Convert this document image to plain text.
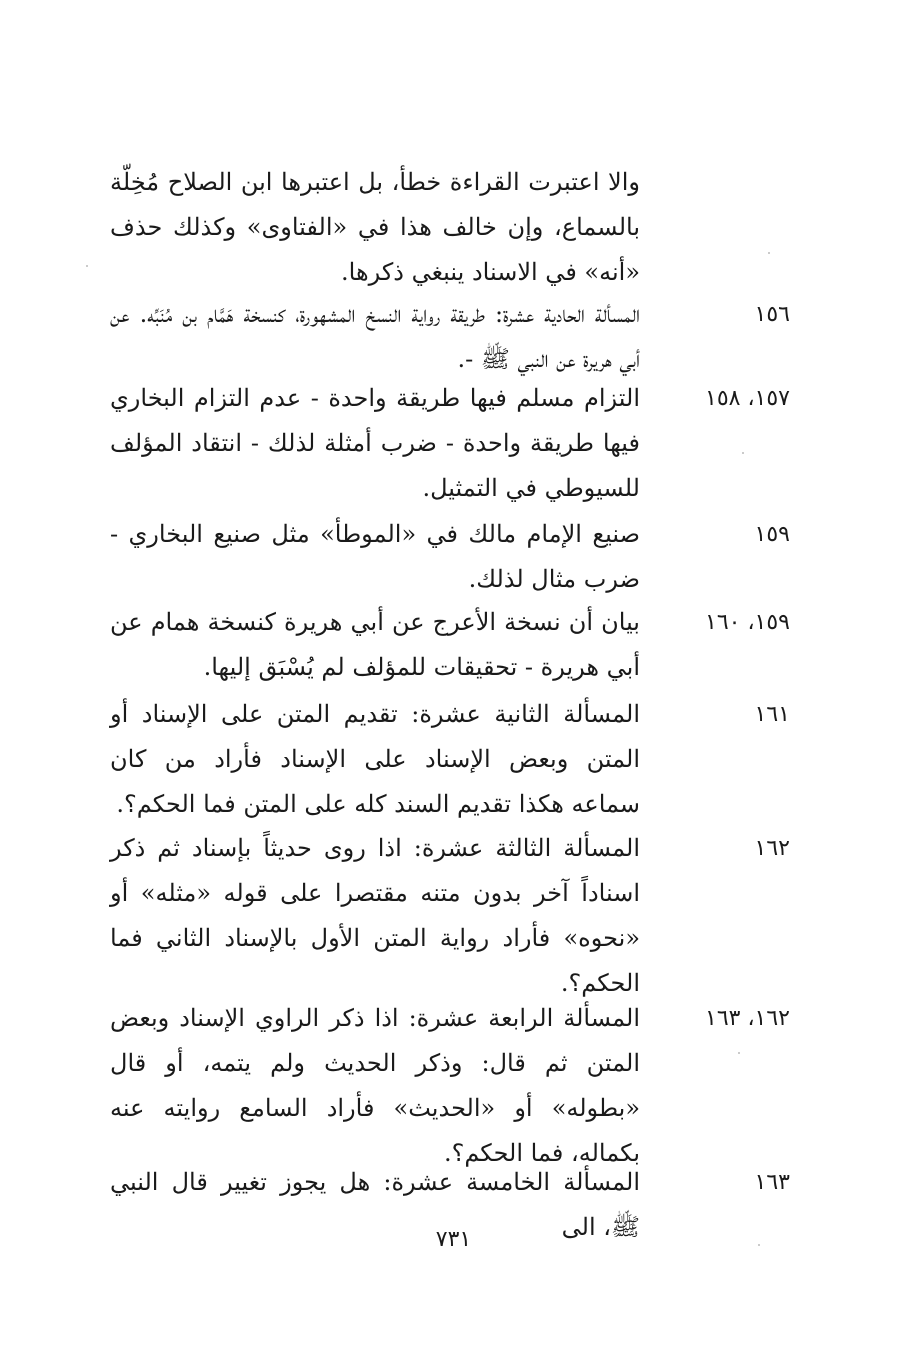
والا اعتبرت القراءة خطأ، بل اعتبرها ابن الصلاح مُخِلّة بالسماع، وإن خالف هذا في «الفتاوى» وكذلك حذف «أنه» في الاسناد ينبغي ذكرها.

١٥٦

المسألة الحادية عشرة: طريقة رواية النسخ المشهورة، كنسخة هَمَّام بن مُنَبِّه. عن أبي هريرة عن النبي ﷺ -.

١٥٧، ١٥٨

التزام مسلم فيها طريقة واحدة - عدم التزام البخاري فيها طريقة واحدة - ضرب أمثلة لذلك - انتقاد المؤلف للسيوطي في التمثيل.

١٥٩

صنيع الإمام مالك في «الموطأ» مثل صنيع البخاري - ضرب مثال لذلك.

١٥٩، ١٦٠

بيان أن نسخة الأعرج عن أبي هريرة كنسخة همام عن أبي هريرة - تحقيقات للمؤلف لم يُسْبَق إليها.

١٦١

المسألة الثانية عشرة: تقديم المتن على الإسناد أو المتن وبعض الإسناد على الإسناد فأراد من كان سماعه هكذا تقديم السند كله على المتن فما الحكم؟.

١٦٢

المسألة الثالثة عشرة: اذا روى حديثاً بإسناد ثم ذكر اسناداً آخر بدون متنه مقتصرا على قوله «مثله» أو «نحوه» فأراد رواية المتن الأول بالإسناد الثاني فما الحكم؟.

١٦٢، ١٦٣

المسألة الرابعة عشرة: اذا ذكر الراوي الإسناد وبعض المتن ثم قال: وذكر الحديث ولم يتمه، أو قال «بطوله» أو «الحديث» فأراد السامع روايته عنه بكماله، فما الحكم؟.

١٦٣

المسألة الخامسة عشرة: هل يجوز تغيير قال النبي ﷺ، الى

٧٣١
